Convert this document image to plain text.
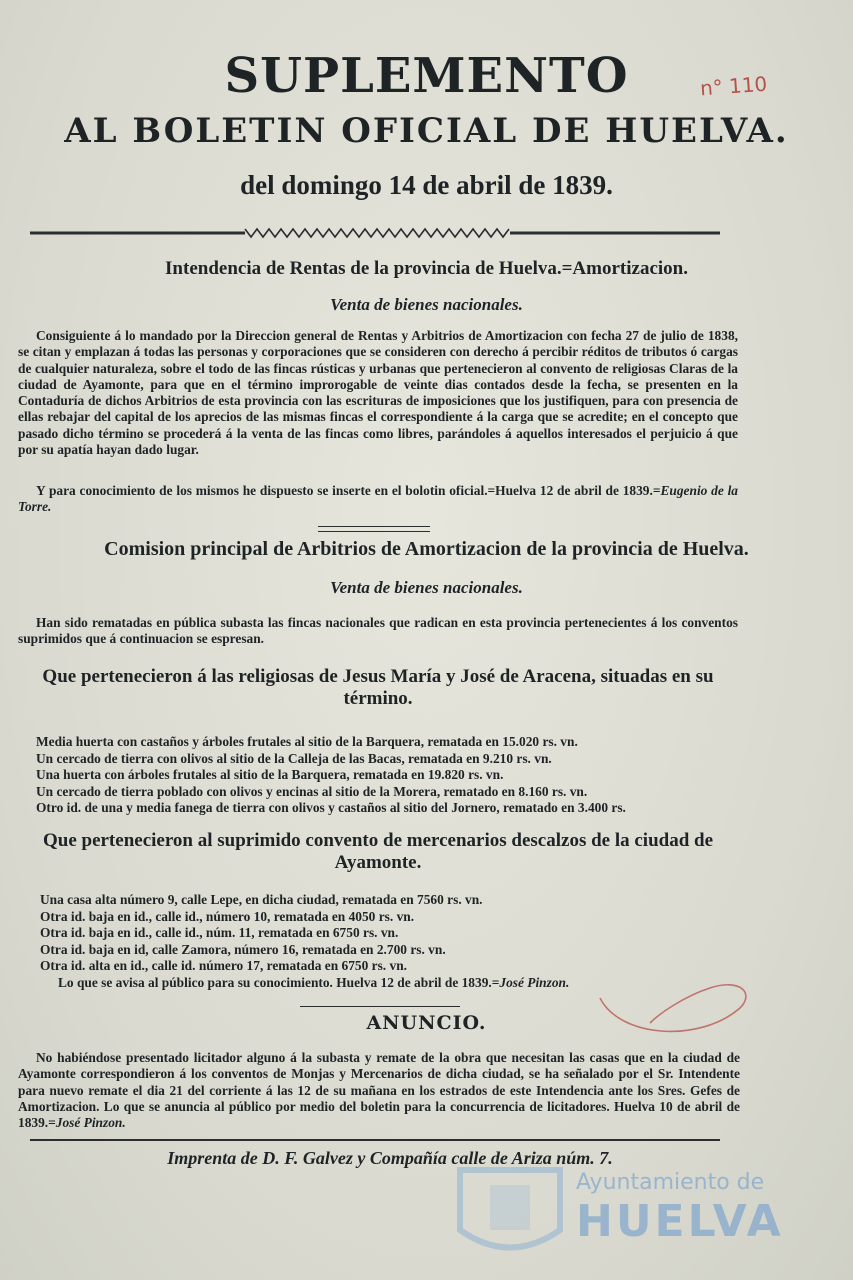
SUPLEMENTO
AL BOLETIN OFICIAL DE HUELVA.
del domingo 14 de abril de 1839.
n° 110
Intendencia de Rentas de la provincia de Huelva.=Amortizacion.
Venta de bienes nacionales.
Consiguiente á lo mandado por la Direccion general de Rentas y Arbitrios de Amortizacion con fecha 27 de julio de 1838, se citan y emplazan á todas las personas y corporaciones que se consideren con derecho á percibir réditos de tributos ó cargas de cualquier naturaleza, sobre el todo de las fincas rústicas y urbanas que pertenecieron al convento de religiosas Claras de la ciudad de Ayamonte, para que en el término improrogable de veinte dias contados desde la fecha, se presenten en la Contaduría de dichos Arbitrios de esta provincia con las escrituras de imposiciones que los justifiquen, para con presencia de ellas rebajar del capital de los aprecios de las mismas fincas el correspondiente á la carga que se acredite; en el concepto que pasado dicho término se procederá á la venta de las fincas como libres, parándoles á aquellos interesados el perjuicio á que por su apatía hayan dado lugar.
Y para conocimiento de los mismos he dispuesto se inserte en el bolotin oficial.=Huelva 12 de abril de 1839.=Eugenio de la Torre.
Comision principal de Arbitrios de Amortizacion de la provincia de Huelva.
Venta de bienes nacionales.
Han sido rematadas en pública subasta las fincas nacionales que radican en esta provincia pertenecientes á los conventos suprimidos que á continuacion se espresan.
Que pertenecieron á las religiosas de Jesus María y José de Aracena, situadas en su término.
Media huerta con castaños y árboles frutales al sitio de la Barquera, rematada en 15.020 rs. vn.
Un cercado de tierra con olivos al sitio de la Calleja de las Bacas, rematada en 9.210 rs. vn.
Una huerta con árboles frutales al sitio de la Barquera, rematada en 19.820 rs. vn.
Un cercado de tierra poblado con olivos y encinas al sitio de la Morera, rematado en 8.160 rs. vn.
Otro id. de una y media fanega de tierra con olivos y castaños al sitio del Jornero, rematado en 3.400 rs.
Que pertenecieron al suprimido convento de mercenarios descalzos de la ciudad de Ayamonte.
Una casa alta número 9, calle Lepe, en dicha ciudad, rematada en 7560 rs. vn.
Otra id. baja en id., calle id., número 10, rematada en 4050 rs. vn.
Otra id. baja en id., calle id., núm. 11, rematada en 6750 rs. vn.
Otra id. baja en id, calle Zamora, número 16, rematada en 2.700 rs. vn.
Otra id. alta en id., calle id. número 17, rematada en 6750 rs. vn.
Lo que se avisa al público para su conocimiento. Huelva 12 de abril de 1839.=José Pinzon.
ANUNCIO.
No habiéndose presentado licitador alguno á la subasta y remate de la obra que necesitan las casas que en la ciudad de Ayamonte correspondieron á los conventos de Monjas y Mercenarios de dicha ciudad, se ha señalado por el Sr. Intendente para nuevo remate el dia 21 del corriente á las 12 de su mañana en los estrados de este Intendencia ante los Sres. Gefes de Amortizacion. Lo que se anuncia al público por medio del boletin para la concurrencia de licitadores. Huelva 10 de abril de 1839.=José Pinzon.
Imprenta de D. F. Galvez y Compañía calle de Ariza núm. 7.
Ayuntamiento de
HUELVA
